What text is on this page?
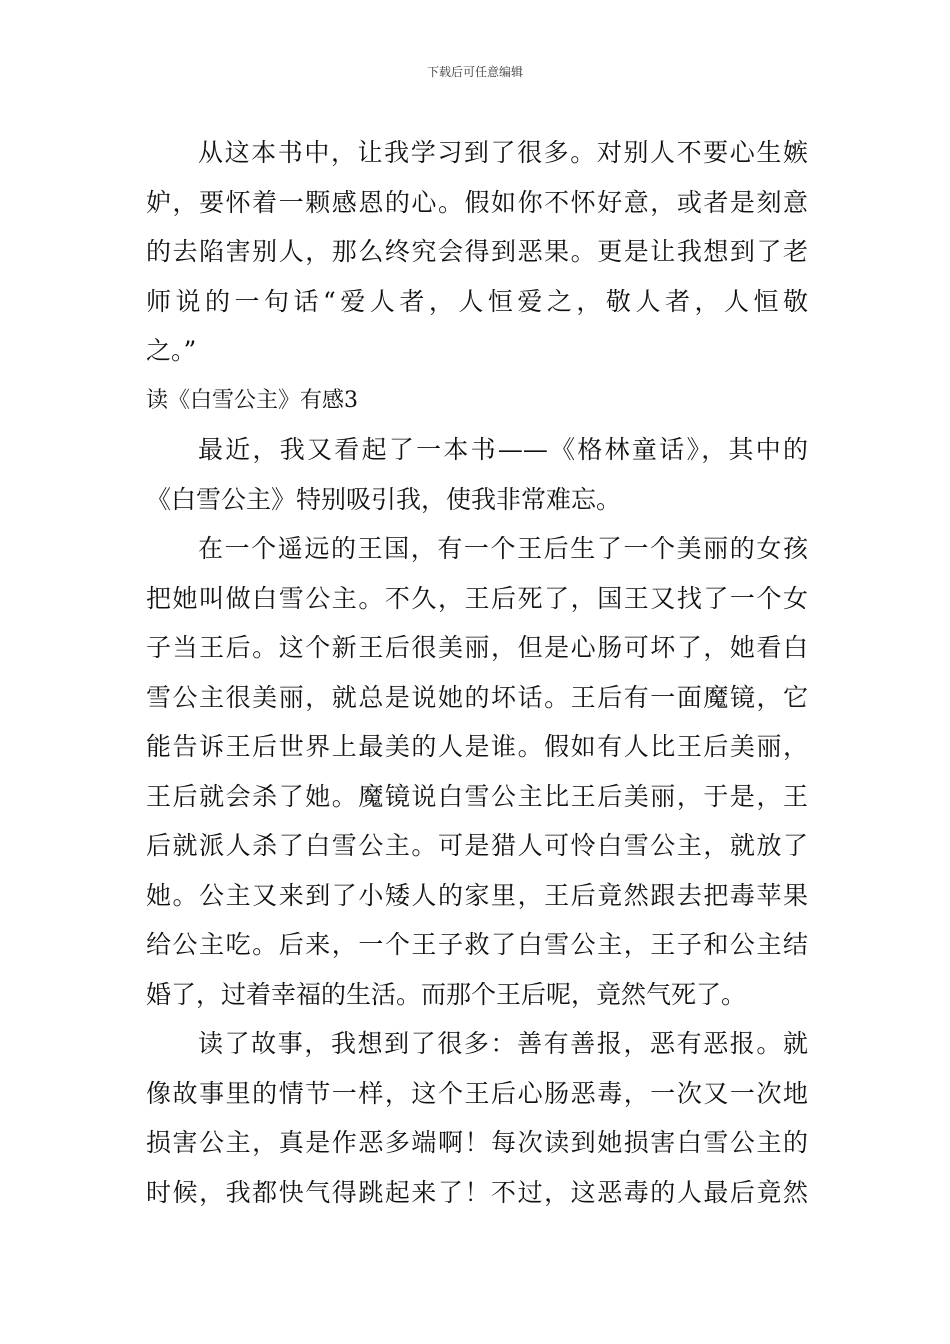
下载后可任意编辑
从这本书中，让我学习到了很多。对别人不要心生嫉
妒，要怀着一颗感恩的心。假如你不怀好意，或者是刻意
的去陷害别人，那么终究会得到恶果。更是让我想到了老
师说的一句话“爱人者，人恒爱之，敬人者，人恒敬
之。”
读《白雪公主》有感3
最近，我又看起了一本书——《格林童话》，其中的
《白雪公主》特别吸引我，使我非常难忘。
在一个遥远的王国，有一个王后生了一个美丽的女孩
把她叫做白雪公主。不久，王后死了，国王又找了一个女
子当王后。这个新王后很美丽，但是心肠可坏了，她看白
雪公主很美丽，就总是说她的坏话。王后有一面魔镜，它
能告诉王后世界上最美的人是谁。假如有人比王后美丽，
王后就会杀了她。魔镜说白雪公主比王后美丽，于是，王
后就派人杀了白雪公主。可是猎人可怜白雪公主，就放了
她。公主又来到了小矮人的家里，王后竟然跟去把毒苹果
给公主吃。后来，一个王子救了白雪公主，王子和公主结
婚了，过着幸福的生活。而那个王后呢，竟然气死了。
读了故事，我想到了很多：善有善报，恶有恶报。就
像故事里的情节一样，这个王后心肠恶毒，一次又一次地
损害公主，真是作恶多端啊！每次读到她损害白雪公主的
时候，我都快气得跳起来了！不过，这恶毒的人最后竟然
